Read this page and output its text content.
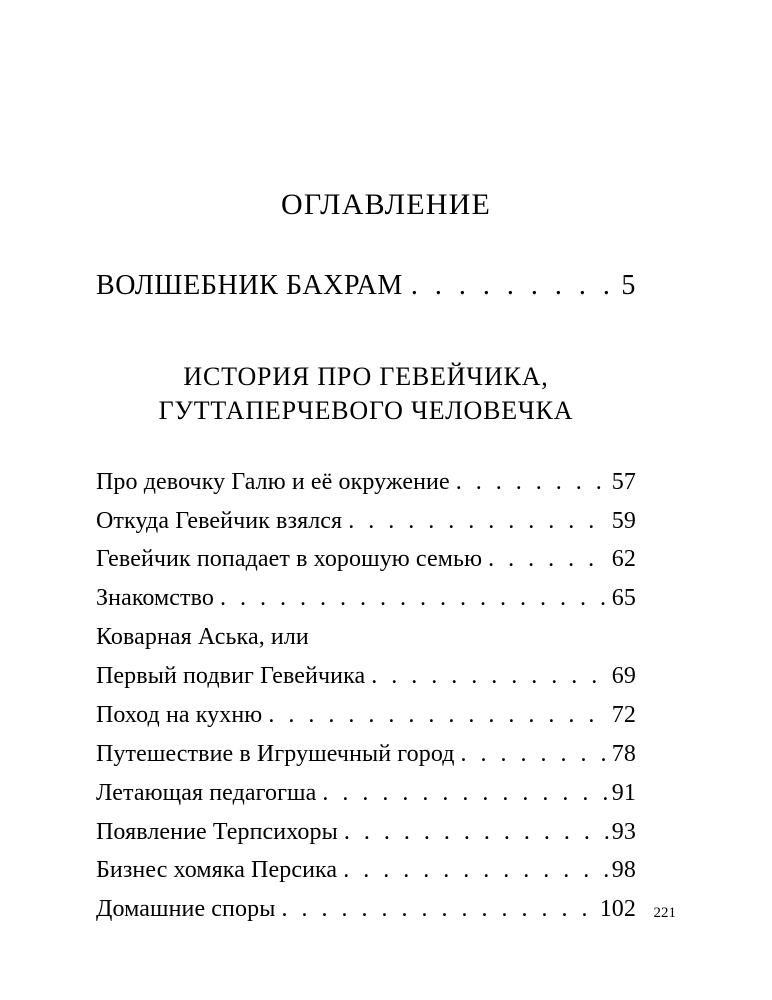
ОГЛАВЛЕНИЕ
ВОЛШЕБНИК БАХРАМ . . .	5
ИСТОРИЯ ПРО ГЕВЕЙЧИКА,
ГУТТАПЕРЧЕВОГО ЧЕЛОВЕЧКА
Про девочку Галю и её окружение . . .	57
Откуда Гевейчик взялся . . .	59
Гевейчик попадает в хорошую семью . . .	62
Знакомство . . .	65
Коварная Аська, или
Первый подвиг Гевейчика . . .	69
Поход на кухню . . .	72
Путешествие в Игрушечный город . . .	78
Летающая педагогша . . .	91
Появление Терпсихоры . . .	93
Бизнес хомяка Персика . . .	98
Домашние споры . . .	102 221
